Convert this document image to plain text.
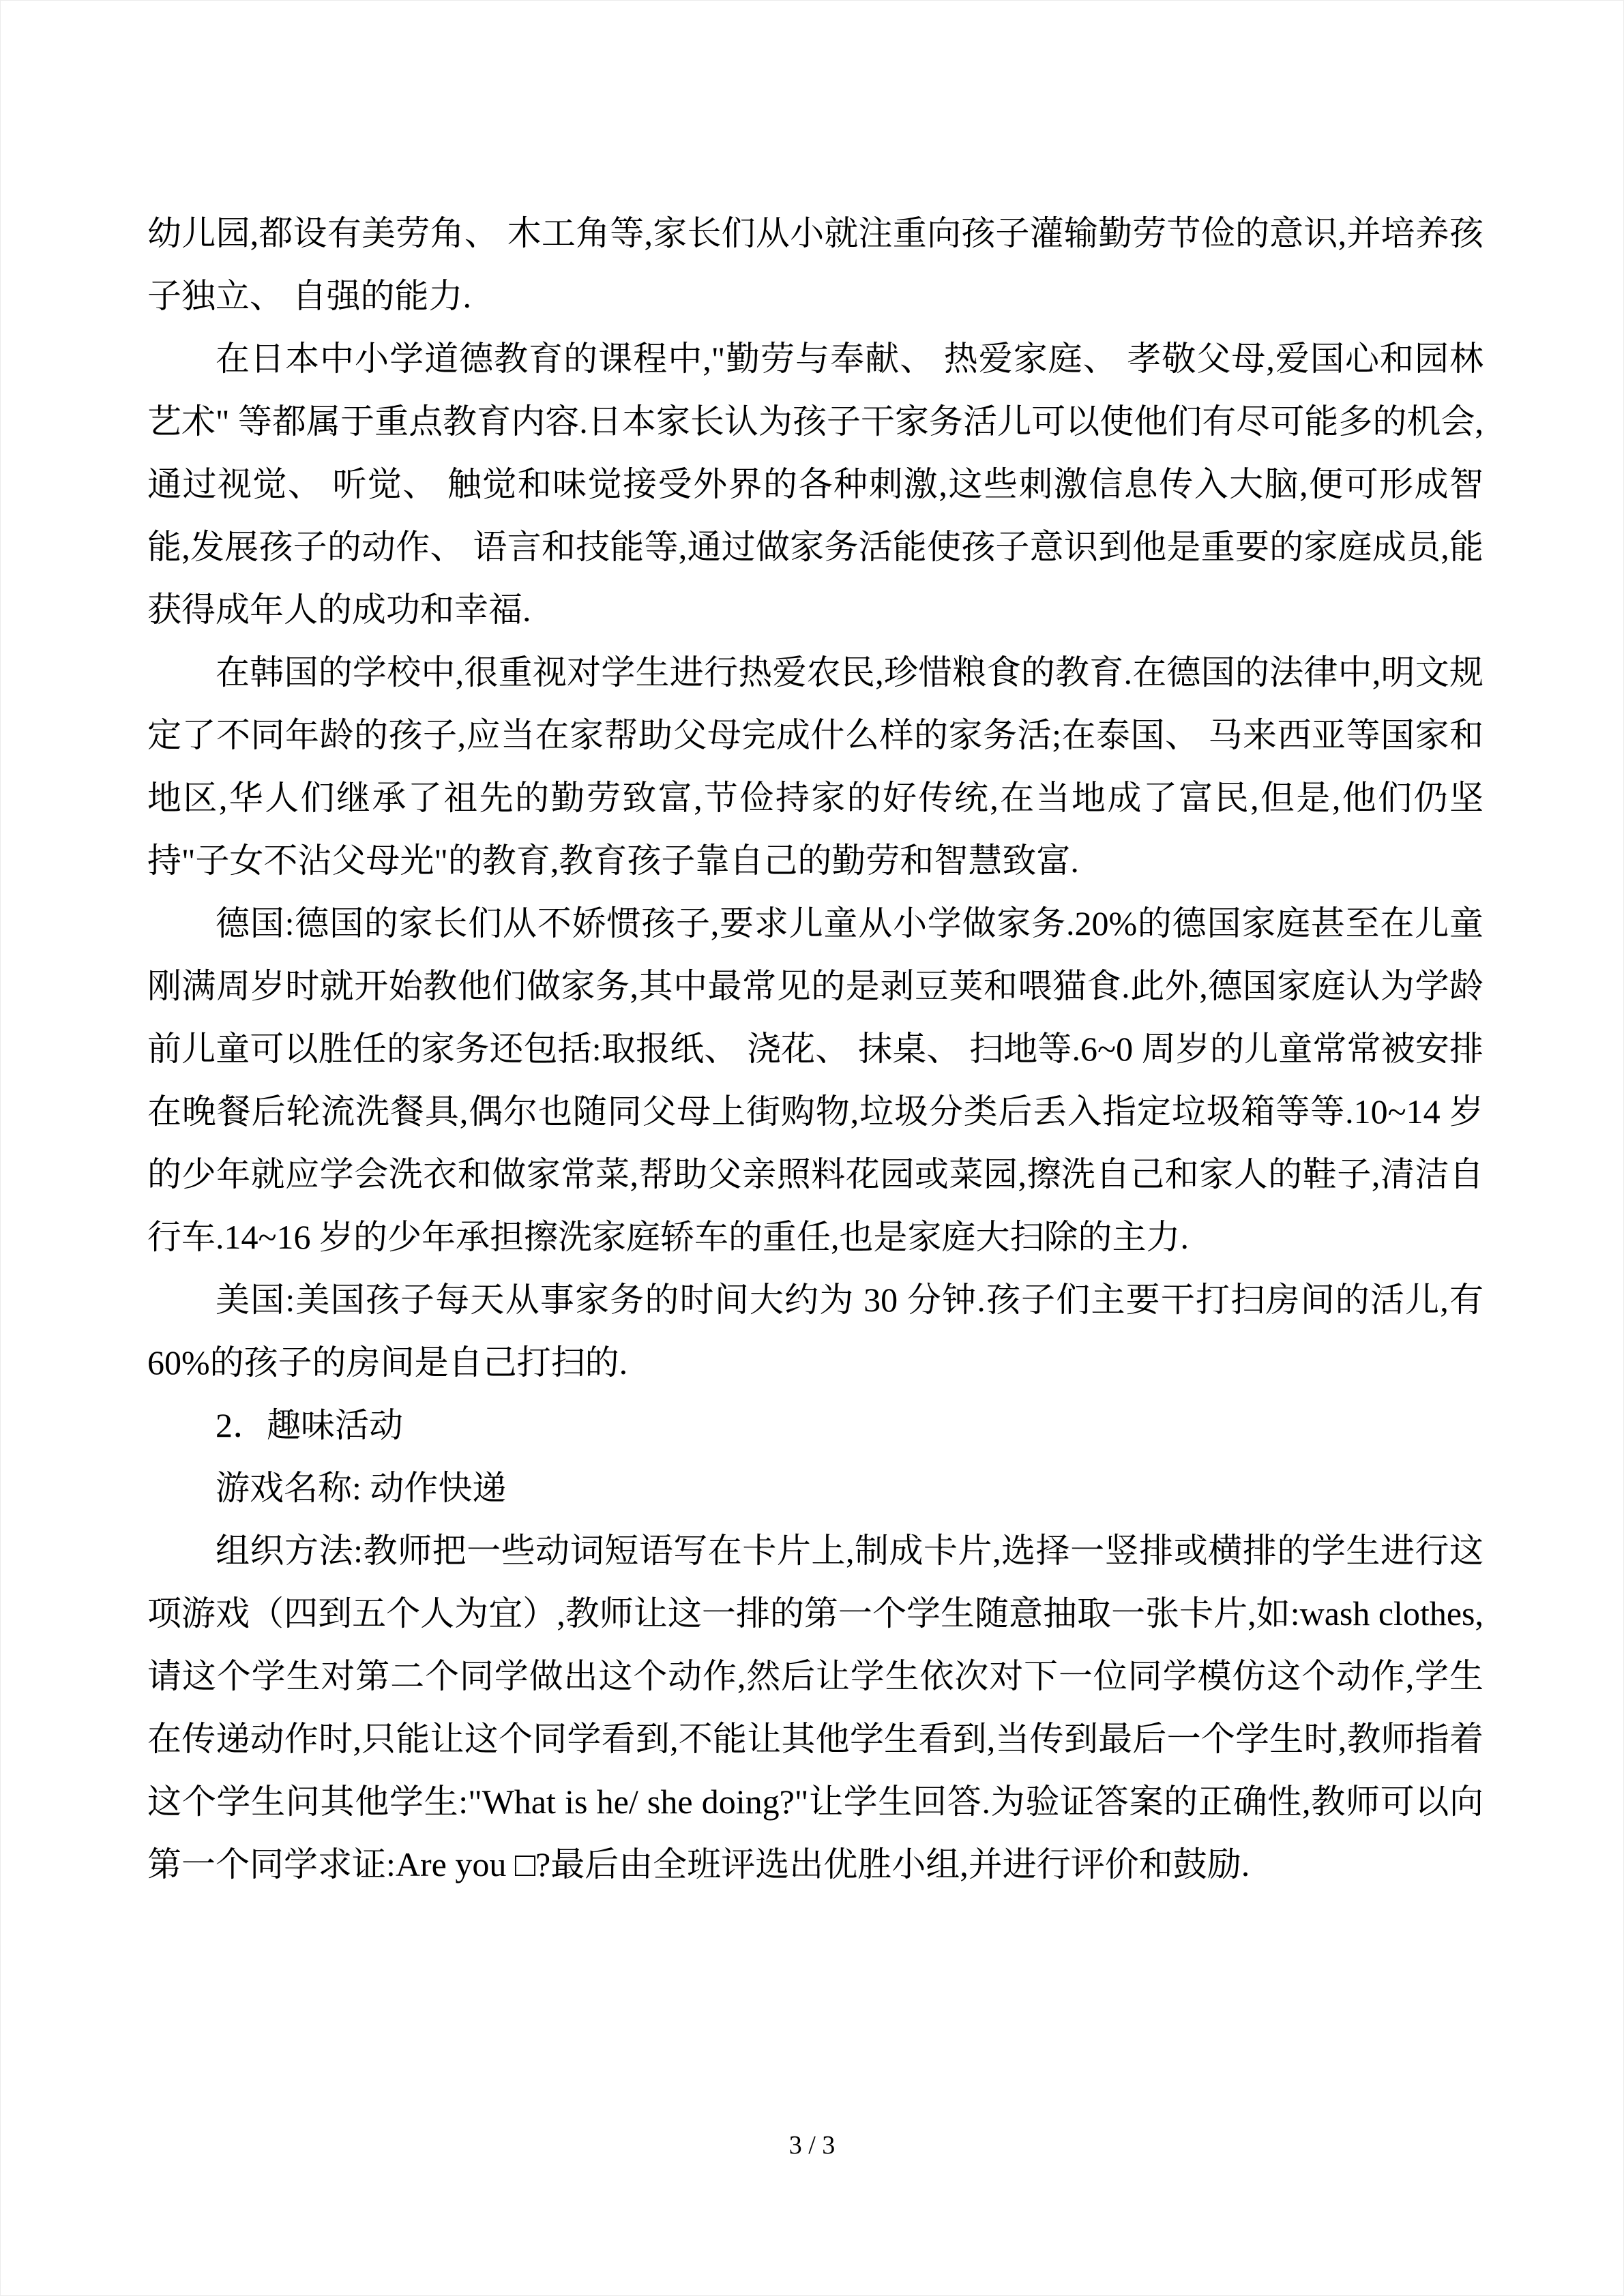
幼儿园,都设有美劳角、 木工角等,家长们从小就注重向孩子灌输勤劳节俭的意识,并培养孩子独立、 自强的能力.

在日本中小学道德教育的课程中,"勤劳与奉献、 热爱家庭、 孝敬父母,爱国心和园林艺术" 等都属于重点教育内容.日本家长认为孩子干家务活儿可以使他们有尽可能多的机会,通过视觉、 听觉、 触觉和味觉接受外界的各种刺激,这些刺激信息传入大脑,便可形成智能,发展孩子的动作、 语言和技能等,通过做家务活能使孩子意识到他是重要的家庭成员,能获得成年人的成功和幸福.

在韩国的学校中,很重视对学生进行热爱农民,珍惜粮食的教育.在德国的法律中,明文规定了不同年龄的孩子,应当在家帮助父母完成什么样的家务活;在泰国、 马来西亚等国家和地区,华人们继承了祖先的勤劳致富,节俭持家的好传统,在当地成了富民,但是,他们仍坚持"子女不沾父母光"的教育,教育孩子靠自己的勤劳和智慧致富.

德国:德国的家长们从不娇惯孩子,要求儿童从小学做家务.20%的德国家庭甚至在儿童刚满周岁时就开始教他们做家务,其中最常见的是剥豆荚和喂猫食.此外,德国家庭认为学龄前儿童可以胜任的家务还包括:取报纸、 浇花、 抹桌、 扫地等.6~0 周岁的儿童常常被安排在晚餐后轮流洗餐具,偶尔也随同父母上街购物,垃圾分类后丢入指定垃圾箱等等.10~14 岁的少年就应学会洗衣和做家常菜,帮助父亲照料花园或菜园,擦洗自己和家人的鞋子,清洁自行车.14~16 岁的少年承担擦洗家庭轿车的重任,也是家庭大扫除的主力.

美国:美国孩子每天从事家务的时间大约为 30 分钟.孩子们主要干打扫房间的活儿,有 60%的孩子的房间是自己打扫的.

2．趣味活动

游戏名称: 动作快递

组织方法:教师把一些动词短语写在卡片上,制成卡片,选择一竖排或横排的学生进行这项游戏（四到五个人为宜）,教师让这一排的第一个学生随意抽取一张卡片,如:wash clothes,请这个学生对第二个同学做出这个动作,然后让学生依次对下一位同学模仿这个动作,学生在传递动作时,只能让这个同学看到,不能让其他学生看到,当传到最后一个学生时,教师指着这个学生问其他学生:"What is he/ she doing?"让学生回答.为验证答案的正确性,教师可以向第一个同学求证:Are you □?最后由全班评选出优胜小组,并进行评价和鼓励.

3 / 3
